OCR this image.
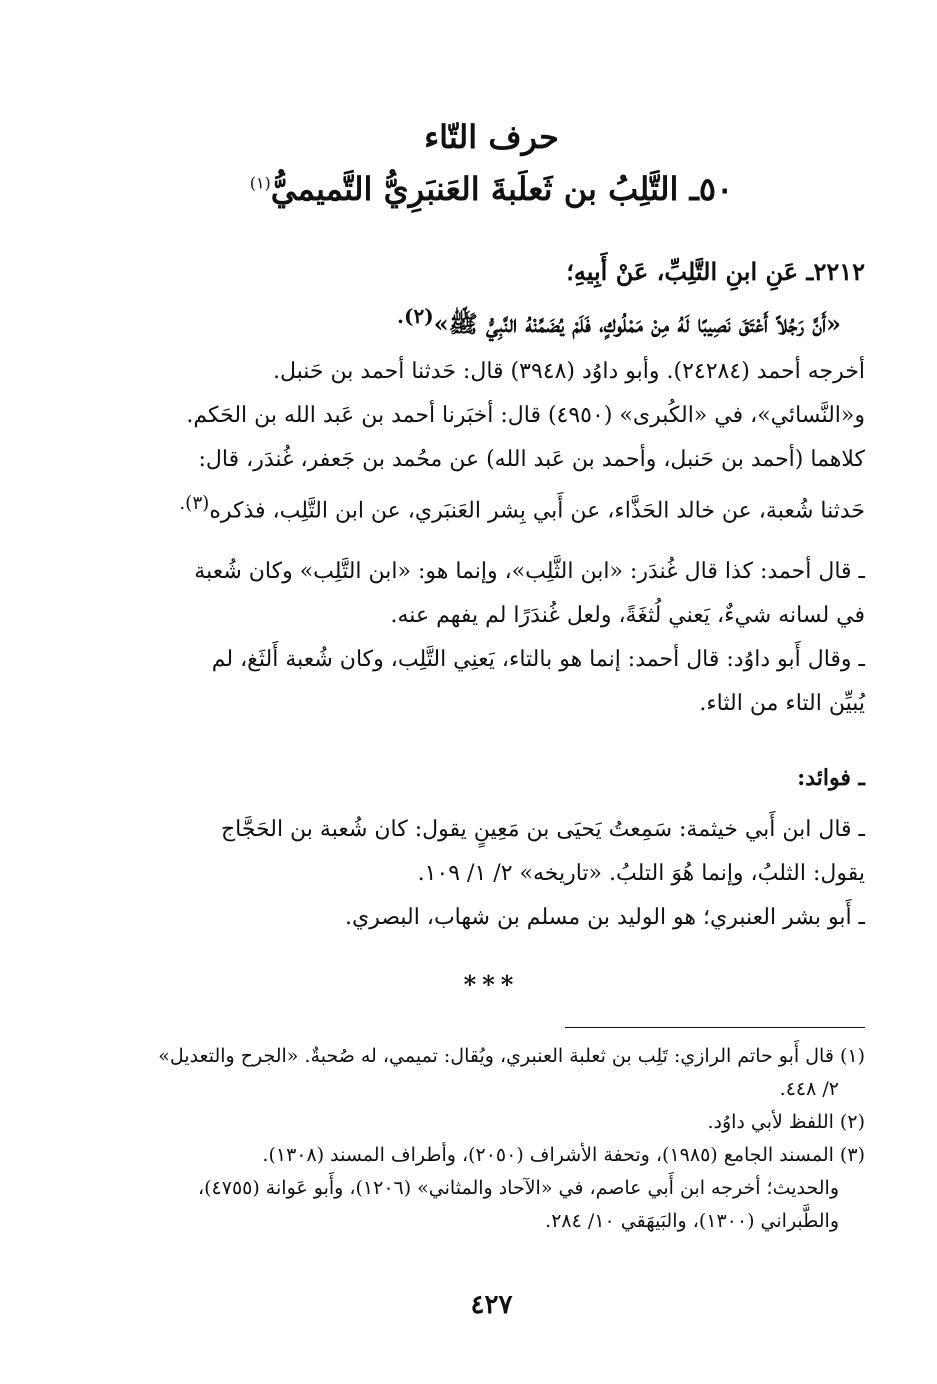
حرف التّاء
٥٠ـ التَّلِبُ بن ثَعلَبةَ العَنبَرِيُّ التَّميميُّ$^{(١)}$
٢٢١٢ـ عَنِ ابنِ التَّلِبِّ، عَنْ أَبِيهِ؛
«أَنَّ رَجُلاً أَعْتَقَ نَصِيبًا لَهُ مِنْ مَمْلُوكٍ، فَلَمْ يُضَمِّنْهُ النَّبِيُّ ﷺ»$^{(٢).}$
أخرجه أحمد (٢٤٢٨٤). وأبو داوُد (٣٩٤٨) قال: حَدثنا أحمد بن حَنبل.
و«النَّسائي»، في «الكُبرى» (٤٩٥٠) قال: أخبَرنا أحمد بن عَبد الله بن الحَكم.
كلاهما (أحمد بن حَنبل، وأحمد بن عَبد الله) عن محُمد بن جَعفر، غُندَر، قال:
حَدثنا شُعبة، عن خالد الحَذَّاء، عن أَبي بِشر العَنبَري، عن ابن التَّلِب، فذكره$^{(٣).}$
ـ قال أحمد: كذا قال غُندَر: «ابن الثَّلِب»، وإنما هو: «ابن التَّلِب» وكان شُعبة
في لسانه شيءٌ، يَعني لُثغَةً، ولعل غُندَرًا لم يفهم عنه.
ـ وقال أَبو داوُد: قال أحمد: إنما هو بالتاء، يَعنِي التَّلِب، وكان شُعبة أَلثَغ، لم
يُبيِّن التاء من الثاء.
ـ فوائد:
ـ قال ابن أَبي خيثمة: سَمِعتُ يَحيَى بن مَعِينٍ يقول: كان شُعبة بن الحَجَّاج
يقول: الثلبُ، وإنما هُوَ التلبُ. «تاريخه» ٢/ ١/ ١٠٩.
ـ أَبو بشر العنبري؛ هو الوليد بن مسلم بن شهاب، البصري.
***
(١) قال أَبو حاتم الرازي: تَلِب بن ثعلبة العنبري، ويُقال: تميمي، له صُحبةٌ. «الجرح والتعديل»
٢/ ٤٤٨.
(٢) اللفظ لأبي داوُد.
(٣) المسند الجامع (١٩٨٥)، وتحفة الأشراف (٢٠٥٠)، وأطراف المسند (١٣٠٨).
والحديث؛ أخرجه ابن أَبي عاصم، في «الآحاد والمثاني» (١٢٠٦)، وأَبو عَوانة (٤٧٥٥)،
والطَّبراني (١٣٠٠)، والبَيهَقي ١٠/ ٢٨٤.
٤٢٧
